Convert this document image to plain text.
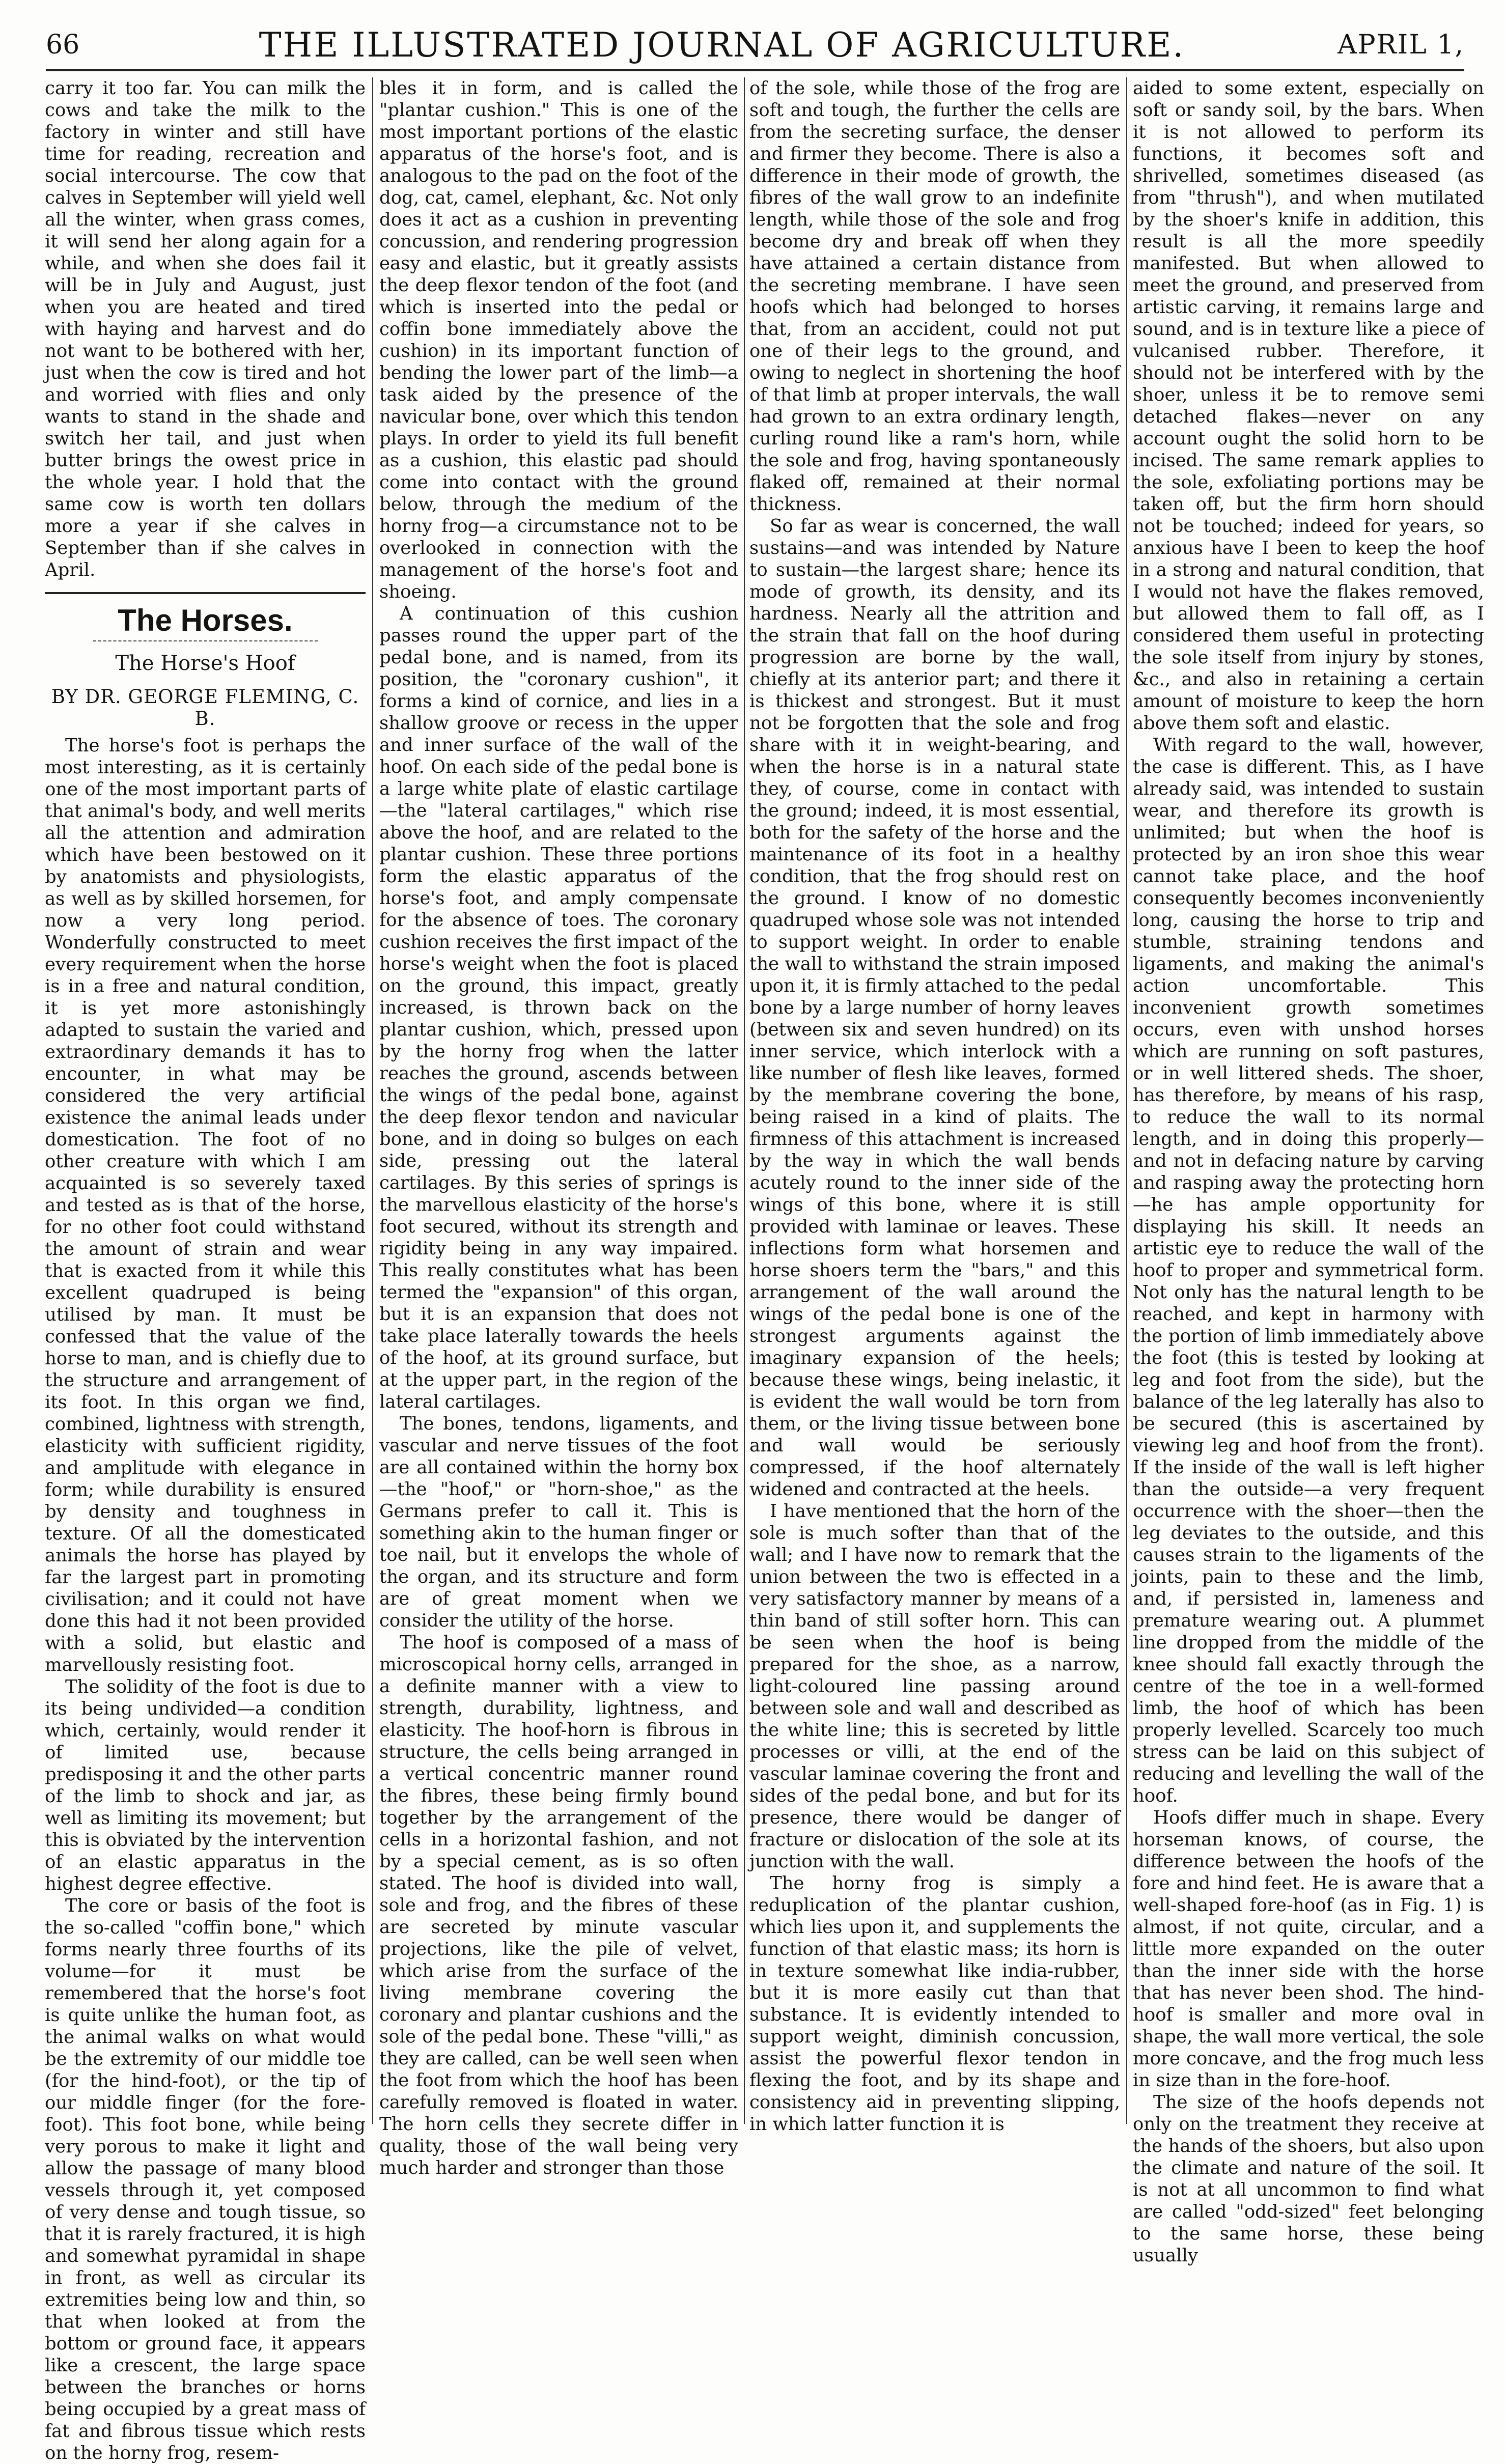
66	THE ILLUSTRATED JOURNAL OF AGRICULTURE.	APRIL 1,

carry it too far. You can milk the cows and take the milk to the factory in winter and still have time for reading, recreation and social intercourse. The cow that calves in September will yield well all the winter, when grass comes, it will send her along again for a while, and when she does fail it will be in July and August, just when you are heated and tired with haying and harvest and do not want to be bothered with her, just when the cow is tired and hot and worried with flies and only wants to stand in the shade and switch her tail, and just when butter brings the owest price in the whole year. I hold that the same cow is worth ten dollars more a year if she calves in September than if she calves in April.

The Horses.
The Horse's Hoof
BY DR. GEORGE FLEMING, C. B.

The horse's foot is perhaps the most interesting, as it is certainly one of the most important parts of that animal's body, and well merits all the attention and admiration which have been bestowed on it by anatomists and physiologists, as well as by skilled horsemen, for now a very long period. Wonderfully constructed to meet every requirement when the horse is in a free and natural condition, it is yet more astonishingly adapted to sustain the varied and extraordinary demands it has to encounter, in what may be considered the very artificial existence the animal leads under domestication. The foot of no other creature with which I am acquainted is so severely taxed and tested as is that of the horse, for no other foot could withstand the amount of strain and wear that is exacted from it while this excellent quadruped is being utilised by man. It must be confessed that the value of the horse to man, and is chiefly due to the structure and arrangement of its foot. In this organ we find, combined, lightness with strength, elasticity with sufficient rigidity, and amplitude with elegance in form; while durability is ensured by density and toughness in texture. Of all the domesticated animals the horse has played by far the largest part in promoting civilisation; and it could not have done this had it not been provided with a solid, but elastic and marvellously resisting foot.

The solidity of the foot is due to its being undivided—a condition which, certainly, would render it of limited use, because predisposing it and the other parts of the limb to shock and jar, as well as limiting its movement; but this is obviated by the intervention of an elastic apparatus in the highest degree effective.

The core or basis of the foot is the so-called "coffin bone," which forms nearly three fourths of its volume—for it must be remembered that the horse's foot is quite unlike the human foot, as the animal walks on what would be the extremity of our middle toe (for the hind-foot), or the tip of our middle finger (for the fore-foot). This foot bone, while being very porous to make it light and allow the passage of many blood vessels through it, yet composed of very dense and tough tissue, so that it is rarely fractured, it is high and somewhat pyramidal in shape in front, as well as circular its extremities being low and thin, so that when looked at from the bottom or ground face, it appears like a crescent, the large space between the branches or horns being occupied by a great mass of fat and fibrous tissue which rests on the horny frog, resem-

bles it in form, and is called the "plantar cushion." This is one of the most important portions of the elastic apparatus of the horse's foot, and is analogous to the pad on the foot of the dog, cat, camel, elephant, &c. Not only does it act as a cushion in preventing concussion, and rendering progression easy and elastic, but it greatly assists the deep flexor tendon of the foot (and which is inserted into the pedal or coffin bone immediately above the cushion) in its important function of bending the lower part of the limb—a task aided by the presence of the navicular bone, over which this tendon plays. In order to yield its full benefit as a cushion, this elastic pad should come into contact with the ground below, through the medium of the horny frog—a circumstance not to be overlooked in connection with the management of the horse's foot and shoeing.

A continuation of this cushion passes round the upper part of the pedal bone, and is named, from its position, the "coronary cushion", it forms a kind of cornice, and lies in a shallow groove or recess in the upper and inner surface of the wall of the hoof. On each side of the pedal bone is a large white plate of elastic cartilage—the "lateral cartilages," which rise above the hoof, and are related to the plantar cushion. These three portions form the elastic apparatus of the horse's foot, and amply compensate for the absence of toes. The coronary cushion receives the first impact of the horse's weight when the foot is placed on the ground, this impact, greatly increased, is thrown back on the plantar cushion, which, pressed upon by the horny frog when the latter reaches the ground, ascends between the wings of the pedal bone, against the deep flexor tendon and navicular bone, and in doing so bulges on each side, pressing out the lateral cartilages. By this series of springs is the marvellous elasticity of the horse's foot secured, without its strength and rigidity being in any way impaired. This really constitutes what has been termed the "expansion" of this organ, but it is an expansion that does not take place laterally towards the heels of the hoof, at its ground surface, but at the upper part, in the region of the lateral cartilages.

The bones, tendons, ligaments, and vascular and nerve tissues of the foot are all contained within the horny box—the "hoof," or "horn-shoe," as the Germans prefer to call it. This is something akin to the human finger or toe nail, but it envelops the whole of the organ, and its structure and form are of great moment when we consider the utility of the horse.

The hoof is composed of a mass of microscopical horny cells, arranged in a definite manner with a view to strength, durability, lightness, and elasticity. The hoof-horn is fibrous in structure, the cells being arranged in a vertical concentric manner round the fibres, these being firmly bound together by the arrangement of the cells in a horizontal fashion, and not by a special cement, as is so often stated. The hoof is divided into wall, sole and frog, and the fibres of these are secreted by minute vascular projections, like the pile of velvet, which arise from the surface of the living membrane covering the coronary and plantar cushions and the sole of the pedal bone. These "villi," as they are called, can be well seen when the foot from which the hoof has been carefully removed is floated in water. The horn cells they secrete differ in quality, those of the wall being very much harder and stronger than those

of the sole, while those of the frog are soft and tough, the further the cells are from the secreting surface, the denser and firmer they become. There is also a difference in their mode of growth, the fibres of the wall grow to an indefinite length, while those of the sole and frog become dry and break off when they have attained a certain distance from the secreting membrane. I have seen hoofs which had belonged to horses that, from an accident, could not put one of their legs to the ground, and owing to neglect in shortening the hoof of that limb at proper intervals, the wall had grown to an extra ordinary length, curling round like a ram's horn, while the sole and frog, having spontaneously flaked off, remained at their normal thickness.

So far as wear is concerned, the wall sustains—and was intended by Nature to sustain—the largest share; hence its mode of growth, its density, and its hardness. Nearly all the attrition and the strain that fall on the hoof during progression are borne by the wall, chiefly at its anterior part; and there it is thickest and strongest. But it must not be forgotten that the sole and frog share with it in weight-bearing, and when the horse is in a natural state they, of course, come in contact with the ground; indeed, it is most essential, both for the safety of the horse and the maintenance of its foot in a healthy condition, that the frog should rest on the ground. I know of no domestic quadruped whose sole was not intended to support weight. In order to enable the wall to withstand the strain imposed upon it, it is firmly attached to the pedal bone by a large number of horny leaves (between six and seven hundred) on its inner service, which interlock with a like number of flesh like leaves, formed by the membrane covering the bone, being raised in a kind of plaits. The firmness of this attachment is increased by the way in which the wall bends acutely round to the inner side of the wings of this bone, where it is still provided with laminae or leaves. These inflections form what horsemen and horse shoers term the "bars," and this arrangement of the wall around the wings of the pedal bone is one of the strongest arguments against the imaginary expansion of the heels; because these wings, being inelastic, it is evident the wall would be torn from them, or the living tissue between bone and wall would be seriously compressed, if the hoof alternately widened and contracted at the heels.

I have mentioned that the horn of the sole is much softer than that of the wall; and I have now to remark that the union between the two is effected in a very satisfactory manner by means of a thin band of still softer horn. This can be seen when the hoof is being prepared for the shoe, as a narrow, light-coloured line passing around between sole and wall and described as the white line; this is secreted by little processes or villi, at the end of the vascular laminae covering the front and sides of the pedal bone, and but for its presence, there would be danger of fracture or dislocation of the sole at its junction with the wall.

The horny frog is simply a reduplication of the plantar cushion, which lies upon it, and supplements the function of that elastic mass; its horn is in texture somewhat like india-rubber, but it is more easily cut than that substance. It is evidently intended to support weight, diminish concussion, assist the powerful flexor tendon in flexing the foot, and by its shape and consistency aid in preventing slipping, in which latter function it is

aided to some extent, especially on soft or sandy soil, by the bars. When it is not allowed to perform its functions, it becomes soft and shrivelled, sometimes diseased (as from "thrush"), and when mutilated by the shoer's knife in addition, this result is all the more speedily manifested. But when allowed to meet the ground, and preserved from artistic carving, it remains large and sound, and is in texture like a piece of vulcanised rubber. Therefore, it should not be interfered with by the shoer, unless it be to remove semi detached flakes—never on any account ought the solid horn to be incised. The same remark applies to the sole, exfoliating portions may be taken off, but the firm horn should not be touched; indeed for years, so anxious have I been to keep the hoof in a strong and natural condition, that I would not have the flakes removed, but allowed them to fall off, as I considered them useful in protecting the sole itself from injury by stones, &c., and also in retaining a certain amount of moisture to keep the horn above them soft and elastic.

With regard to the wall, however, the case is different. This, as I have already said, was intended to sustain wear, and therefore its growth is unlimited; but when the hoof is protected by an iron shoe this wear cannot take place, and the hoof consequently becomes inconveniently long, causing the horse to trip and stumble, straining tendons and ligaments, and making the animal's action uncomfortable. This inconvenient growth sometimes occurs, even with unshod horses which are running on soft pastures, or in well littered sheds. The shoer, has therefore, by means of his rasp, to reduce the wall to its normal length, and in doing this properly—and not in defacing nature by carving and rasping away the protecting horn—he has ample opportunity for displaying his skill. It needs an artistic eye to reduce the wall of the hoof to proper and symmetrical form. Not only has the natural length to be reached, and kept in harmony with the portion of limb immediately above the foot (this is tested by looking at leg and foot from the side), but the balance of the leg laterally has also to be secured (this is ascertained by viewing leg and hoof from the front). If the inside of the wall is left higher than the outside—a very frequent occurrence with the shoer—then the leg deviates to the outside, and this causes strain to the ligaments of the joints, pain to these and the limb, and, if persisted in, lameness and premature wearing out. A plummet line dropped from the middle of the knee should fall exactly through the centre of the toe in a well-formed limb, the hoof of which has been properly levelled. Scarcely too much stress can be laid on this subject of reducing and levelling the wall of the hoof.

Hoofs differ much in shape. Every horseman knows, of course, the difference between the hoofs of the fore and hind feet. He is aware that a well-shaped fore-hoof (as in Fig. 1) is almost, if not quite, circular, and a little more expanded on the outer than the inner side with the horse that has never been shod. The hind-hoof is smaller and more oval in shape, the wall more vertical, the sole more concave, and the frog much less in size than in the fore-hoof.

The size of the hoofs depends not only on the treatment they receive at the hands of the shoers, but also upon the climate and nature of the soil. It is not at all uncommon to find what are called "odd-sized" feet belonging to the same horse, these being usually
